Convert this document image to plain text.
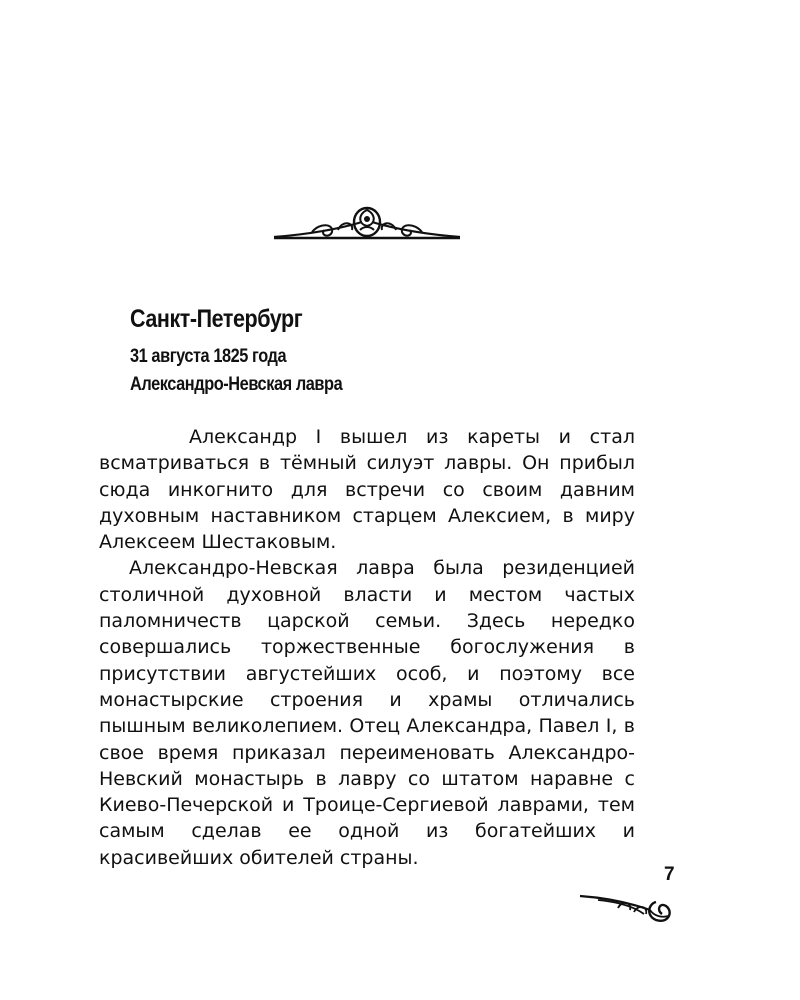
Санкт-Петербург
31 августа 1825 года
Александро-Невская лавра

Александр I вышел из кареты и стал всматриваться в тёмный силуэт лавры. Он прибыл сюда инкогнито для встречи со своим давним духовным наставником старцем Алексием, в миру Алексеем Шестаковым.

Александро-Невская лавра была резиденцией столичной духовной власти и местом частых паломничеств царской семьи. Здесь нередко совершались торжественные богослужения в присутствии августейших особ, и поэтому все монастырские строения и храмы отличались пышным великолепием. Отец Александра, Павел I, в свое время приказал переименовать Александро-Невский монастырь в лавру со штатом наравне с Киево-Печерской и Троице-Сергиевой лаврами, тем самым сделав ее одной из богатейших и красивейших обителей страны.

7
